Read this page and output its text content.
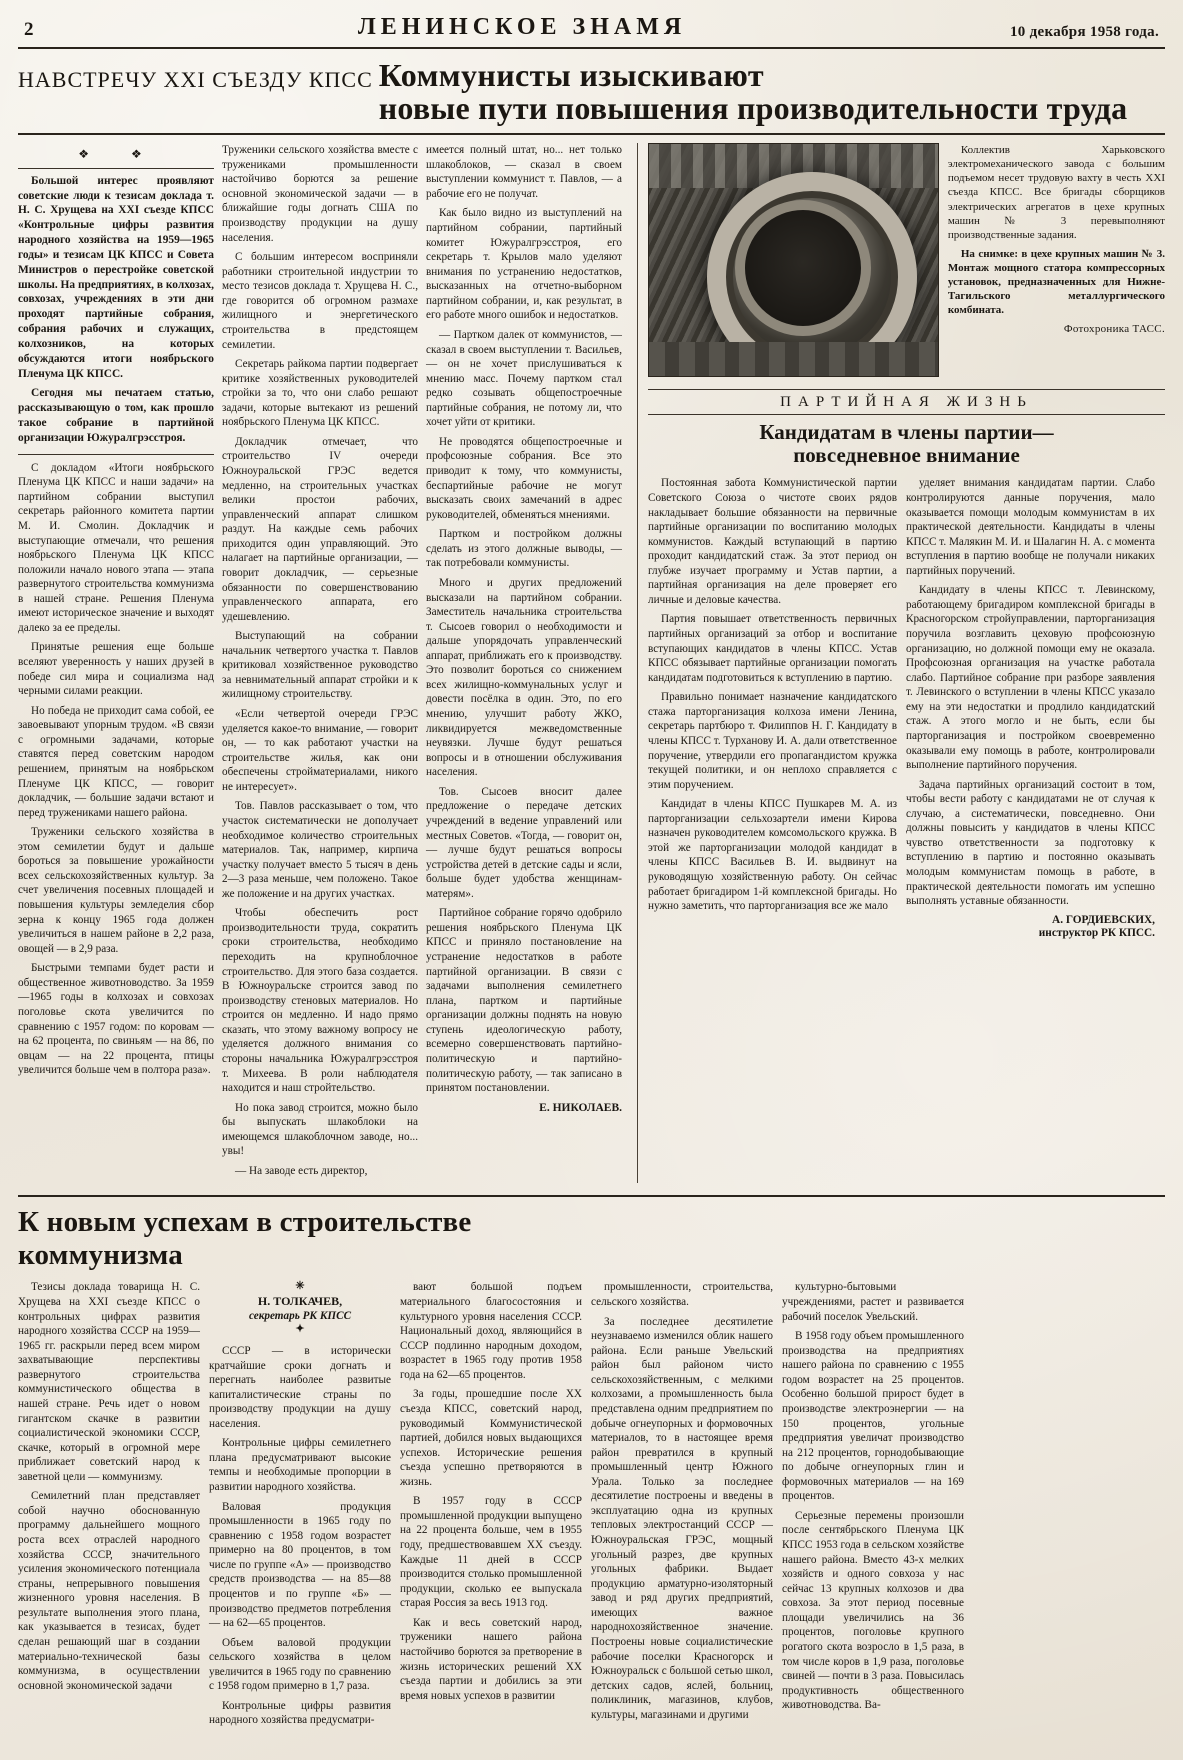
2	ЛЕНИНСКОЕ ЗНАМЯ	10 декабря 1958 года.
НАВСТРЕЧУ XXI СЪЕЗДУ КПСС Коммунисты изыскивают
новые пути повышения производительности труда
❖  ❖

Большой интерес проявляют советские люди к тезисам доклада т. Н. С. Хрущева на XXI съезде КПСС «Контрольные цифры развития народного хозяйства на 1959—1965 годы» и тезисам ЦК КПСС и Совета Министров о перестройке советской школы. На предприятиях, в колхозах, совхозах, учреждениях в эти дни проходят партийные собрания, собрания рабочих и служащих, колхозников, на которых обсуждаются итоги ноябрьского Пленума ЦК КПСС.

Сегодня мы печатаем статью, рассказывающую о том, как прошло такое собрание в партийной организации Южуралгрэсстроя.

С докладом «Итоги ноябрьского Пленума ЦК КПСС и наши задачи» на партийном собрании выступил секретарь районного комитета партии М. И. Смолин. Докладчик и выступающие отмечали, что решения ноябрьского Пленума ЦК КПСС положили начало нового этапа — этапа развернутого строительства коммунизма в нашей стране. Решения Пленума имеют историческое значение и выходят далеко за ее пределы.

Принятые решения еще больше вселяют уверенность у наших друзей в победе сил мира и социализма над черными силами реакции.

Но победа не приходит сама собой, ее завоевывают упорным трудом. «В связи с огромными задачами, которые ставятся перед советским народом решением, принятым на ноябрьском Пленуме ЦК КПСС, — говорит докладчик, — большие задачи встают и перед тружениками нашего района.

Труженики сельского хозяйства в этом семилетии будут и дальше бороться за повышение урожайности всех сельскохозяйственных культур. За счет увеличения посевных площадей и повышения культуры земледелия сбор зерна к концу 1965 года должен увеличиться в нашем районе в 2,2 раза, овощей — в 2,9 раза.

Быстрыми темпами будет расти и общественное животноводство. За 1959—1965 годы в колхозах и совхозах поголовье скота увеличится по сравнению с 1957 годом: по коровам — на 62 процента, по свиньям — на 86, по овцам — на 22 процента, птицы увеличится больше чем в полтора раза».

Труженики сельского хозяйства вместе с тружениками промышленности настойчиво борются за решение основной экономической задачи — в ближайшие годы догнать США по производству продукции на душу населения.

С большим интересом восприняли работники строительной индустрии то место тезисов доклада т. Хрущева Н. С., где говорится об огромном размахе жилищного и энергетического строительства в предстоящем семилетии.

Секретарь райкома партии подвергает критике хозяйственных руководителей стройки за то, что они слабо решают задачи, которые вытекают из решений ноябрьского Пленума ЦК КПСС.

Докладчик отмечает, что строительство IV очереди Южноуральской ГРЭС ведется медленно, на строительных участках велики простои рабочих, управленческий аппарат слишком раздут. На каждые семь рабочих приходится один управляющий. Это налагает на партийные организации, — говорит докладчик, — серьезные обязанности по совершенствованию управленческого аппарата, его удешевлению.

Выступающий на собрании начальник четвертого участка т. Павлов критиковал хозяйственное руководство за невнимательный аппарат стройки и к жилищному строительству.

«Если четвертой очереди ГРЭС уделяется какое-то внимание, — говорит он, — то как работают участки на строительстве жилья, как они обеспечены стройматериалами, никого не интересует».

Тов. Павлов рассказывает о том, что участок систематически не дополучает необходимое количество строительных материалов. Так, например, кирпича участку получает вместо 5 тысяч в день 2—3 раза меньше, чем положено. Такое же положение и на других участках.

Чтобы обеспечить рост производительности труда, сократить сроки строительства, необходимо переходить на крупноблочное строительство. Для этого база создается. В Южноуральске строится завод по производству стеновых материалов. Но строится он медленно. И надо прямо сказать, что этому важному вопросу не уделяется должного внимания со стороны начальника Южуралгрэсстроя т. Михеева. В роли наблюдателя находится и наш стройтельство.

Но пока завод строится, можно было бы выпускать шлакоблоки на имеющемся шлакоблочном заводе, но... увы!

— На заводе есть директор,

имеется полный штат, но... нет только шлакоблоков, — сказал в своем выступлении коммунист т. Павлов, — а рабочие его не получат.

Как было видно из выступлений на партийном собрании, партийный комитет Южуралгрэсстроя, его секретарь т. Крылов мало уделяют внимания по устранению недостатков, высказанных на отчетно-выборном партийном собрании, и, как результат, в его работе много ошибок и недостатков.

— Партком далек от коммунистов, — сказал в своем выступлении т. Васильев, — он не хочет прислушиваться к мнению масс. Почему партком стал редко созывать общепостроечные партийные собрания, не потому ли, что хочет уйти от критики.

Не проводятся общепостроечные и профсоюзные собрания. Все это приводит к тому, что коммунисты, беспартийные рабочие не могут высказать своих замечаний в адрес руководителей, обменяться мнениями.

Партком и постройком должны сделать из этого должные выводы, — так потребовали коммунисты.

Много и других предложений высказали на партийном собрании. Заместитель начальника строительства т. Сысоев говорил о необходимости и дальше упорядочать управленческий аппарат, приближать его к производству. Это позволит бороться со снижением всех жилищно-коммунальных услуг и довести посёлка в один. Это, по его мнению, улучшит работу ЖКО, ликвидируется межведомственные неувязки. Лучше будут решаться вопросы и в отношении обслуживания населения.

Тов. Сысоев вносит далее предложение о передаче детских учреждений в ведение управлений или местных Советов. «Тогда, — говорит он, — лучше будут решаться вопросы устройства детей в детские сады и ясли, больше будет удобства женщинам-матерям».

Партийное собрание горячо одобрило решения ноябрьского Пленума ЦК КПСС и приняло постановление на устранение недостатков в работе партийной организации. В связи с задачами выполнения семилетнего плана, партком и партийные организации должны поднять на новую ступень идеологическую работу, всемерно совершенствовать партийно-политическую и партийно-политическую работу, — так записано в принятом постановлении.

Е. НИКОЛАЕВ.

Коллектив Харьковского электромеханического завода с большим подъемом несет трудовую вахту в честь XXI съезда КПСС. Все бригады сборщиков электрических агрегатов в цехе крупных машин № 3 перевыполняют производственные задания.

На снимке: в цехе крупных машин № 3. Монтаж мощного статора компрессорных установок, предназначенных для Нижне-Тагильского металлургического комбината.

Фотохроника ТАСС.
ПАРТИЙНАЯ ЖИЗНЬ
Кандидатам в члены партии—
повседневное внимание

Постоянная забота Коммунистической партии Советского Союза о чистоте своих рядов накладывает большие обязанности на первичные партийные организации по воспитанию молодых коммунистов. Каждый вступающий в партию проходит кандидатский стаж. За этот период он глубже изучает программу и Устав партии, а партийная организация на деле проверяет его личные и деловые качества.

Партия повышает ответственность первичных партийных организаций за отбор и воспитание вступающих кандидатов в члены КПСС. Устав КПСС обязывает партийные организации помогать кандидатам подготовиться к вступлению в партию.

Правильно понимает назначение кандидатского стажа парторганизация колхоза имени Ленина, секретарь партбюро т. Филиппов Н. Г. Кандидату в члены КПСС т. Турханову И. А. дали ответственное поручение, утвердили его пропагандистом кружка текущей политики, и он неплохо справляется с этим поручением.

Кандидат в члены КПСС Пушкарев М. А. из парторганизации сельхозартели имени Кирова назначен руководителем комсомольского кружка. В этой же парторганизации молодой кандидат в члены КПСС Васильев В. И. выдвинут на руководящую хозяйственную работу. Он сейчас работает бригадиром 1-й комплексной бригады. Но нужно заметить, что парторганизация все же мало

уделяет внимания кандидатам партии. Слабо контролируются данные поручения, мало оказывается помощи молодым коммунистам в их практической деятельности. Кандидаты в члены КПСС т. Малякин М. И. и Шалагин Н. А. с момента вступления в партию вообще не получали никаких партийных поручений.

Кандидату в члены КПСС т. Левинскому, работающему бригадиром комплексной бригады в Красногорском стройуправлении, парторганизация поручила возглавить цеховую профсоюзную организацию, но должной помощи ему не оказала. Профсоюзная организация на участке работала слабо. Партийное собрание при разборе заявления т. Левинского о вступлении в члены КПСС указало ему на эти недостатки и продлило кандидатский стаж. А этого могло и не быть, если бы парторганизация и постройком своевременно оказывали ему помощь в работе, контролировали выполнение партийного поручения.

Задача партийных организаций состоит в том, чтобы вести работу с кандидатами не от случая к случаю, а систематически, повседневно. Они должны повысить у кандидатов в члены КПСС чувство ответственности за подготовку к вступлению в партию и постоянно оказывать молодым коммунистам помощь в работе, в практической деятельности помогать им успешно выполнять уставные обязанности.

А. ГОРДИЕВСКИХ,
инструктор РК КПСС.
К новым успехам в строительстве коммунизма

Тезисы доклада товарища Н. С. Хрущева на XXI съезде КПСС о контрольных цифрах развития народного хозяйства СССР на 1959—1965 гг. раскрыли перед всем миром захватывающие перспективы развернутого строительства коммунистического общества в нашей стране. Речь идет о новом гигантском скачке в развитии социалистической экономики СССР, скачке, который в огромной мере приближает советский народ к заветной цели — коммунизму.

Семилетний план представляет собой научно обоснованную программу дальнейшего мощного роста всех отраслей народного хозяйства СССР, значительного усиления экономического потенциала страны, непрерывного повышения жизненного уровня населения. В результате выполнения этого плана, как указывается в тезисах, будет сделан решающий шаг в создании материально-технической базы коммунизма, в осуществлении основной экономической задачи

✳
Н. ТОЛКАЧЕВ,
секретарь РК КПСС
✦

СССР — в исторически кратчайшие сроки догнать и перегнать наиболее развитые капиталистические страны по производству продукции на душу населения.

Контрольные цифры семилетнего плана предусматривают высокие темпы и необходимые пропорции в развитии народного хозяйства.

Валовая продукция промышленности в 1965 году по сравнению с 1958 годом возрастет примерно на 80 процентов, в том числе по группе «А» — производство средств производства — на 85—88 процентов и по группе «Б» — производство предметов потребления — на 62—65 процентов.

Объем валовой продукции сельского хозяйства в целом увеличится в 1965 году по сравнению с 1958 годом примерно в 1,7 раза.

Контрольные цифры развития народного хозяйства предусматри-

вают большой подъем материального благосостояния и культурного уровня населения СССР. Национальный доход, являющийся в СССР подлинно народным доходом, возрастет в 1965 году против 1958 года на 62—65 процентов.

За годы, прошедшие после XX съезда КПСС, советский народ, руководимый Коммунистической партией, добился новых выдающихся успехов. Исторические решения съезда успешно претворяются в жизнь.

В 1957 году в СССР промышленной продукции выпущено на 22 процента больше, чем в 1955 году, предшествовавшем XX съезду. Каждые 11 дней в СССР производится столько промышленной продукции, сколько ее выпускала старая Россия за весь 1913 год.

Как и весь советский народ, труженики нашего района настойчиво борются за претворение в жизнь исторических решений XX съезда партии и добились за эти время новых успехов в развитии

промышленности, строительства, сельского хозяйства.

За последнее десятилетие неузнаваемо изменился облик нашего района. Если раньше Увельский район был районом чисто сельскохозяйственным, с мелкими колхозами, а промышленность была представлена одним предприятием по добыче огнеупорных и формовочных материалов, то в настоящее время район превратился в крупный промышленный центр Южного Урала. Только за последнее десятилетие построены и введены в эксплуатацию одна из крупных тепловых электростанций СССР — Южноуральская ГРЭС, мощный угольный разрез, две крупных угольных фабрики. Выдает продукцию арматурно-изоляторный завод и ряд других предприятий, имеющих важное народнохозяйственное значение. Построены новые социалистические рабочие поселки Красногорск и Южноуральск с большой сетью школ, детских садов, яслей, больниц, поликлиник, магазинов, клубов, культуры, магазинами и другими

культурно-бытовыми учреждениями, растет и развивается рабочий поселок Увельский.

В 1958 году объем промышленного производства на предприятиях нашего района по сравнению с 1955 годом возрастет на 25 процентов. Особенно большой прирост будет в производстве электроэнергии — на 150 процентов, угольные предприятия увеличат производство на 212 процентов, горнодобывающие по добыче огнеупорных глин и формовочных материалов — на 169 процентов.

Серьезные перемены произошли после сентябрьского Пленума ЦК КПСС 1953 года в сельском хозяйстве нашего района. Вместо 43-х мелких хозяйств и одного совхоза у нас сейчас 13 крупных колхозов и два совхоза. За этот период посевные площади увеличились на 36 процентов, поголовье крупного рогатого скота возросло в 1,5 раза, в том числе коров в 1,9 раза, поголовье свиней — почти в 3 раза. Повысилась продуктивность общественного животноводства. Ва-
